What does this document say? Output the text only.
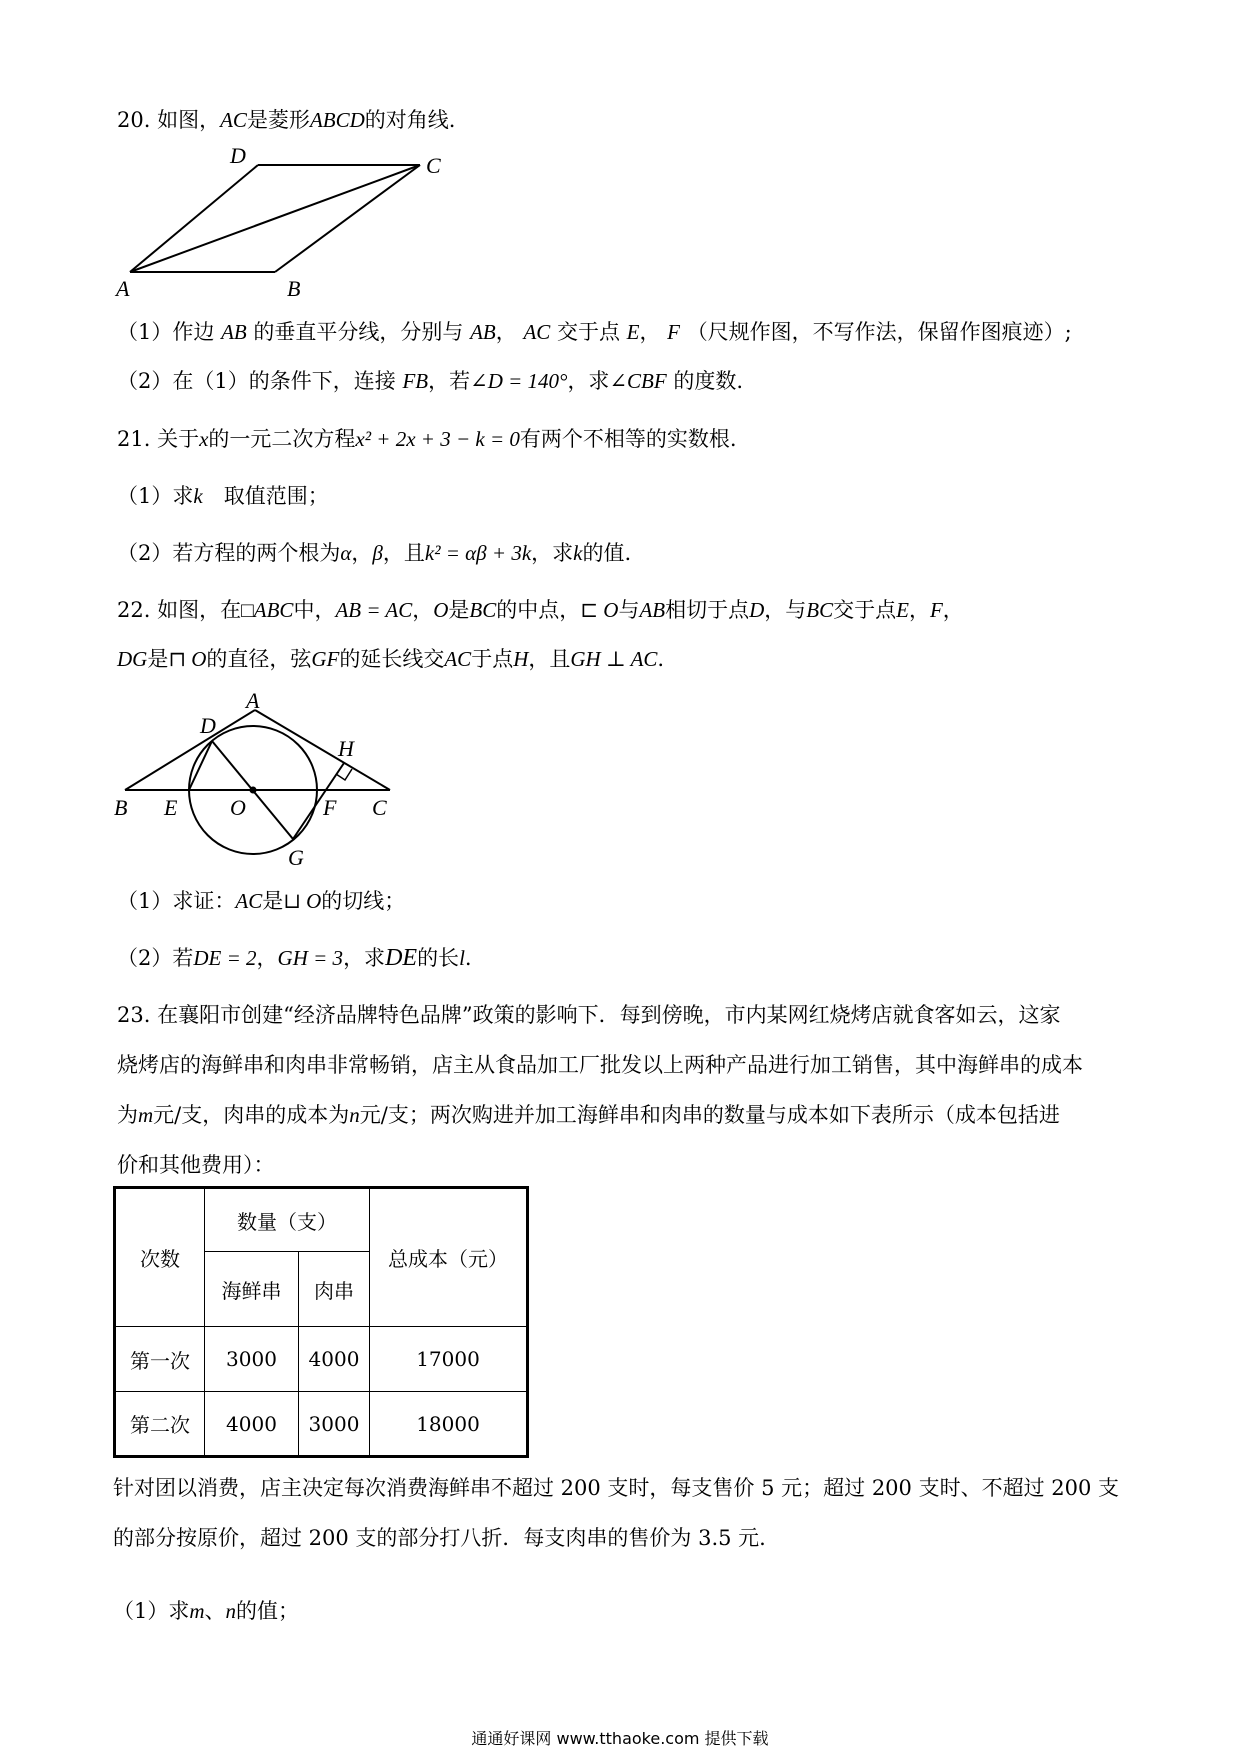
20. 如图，AC是菱形ABCD的对角线.
A	B
C
D
（1）作边 AB 的垂直平分线，分别与 AB， AC 交于点 E， F （尺规作图，不写作法，保留作图痕迹）;
（2）在（1）的条件下，连接 FB，若∠D = 140°，求∠CBF 的度数.
21. 关于x的一元二次方程x² + 2x + 3 − k = 0有两个不相等的实数根.
（1）求k　取值范围；
（2）若方程的两个根为α，β，且k² = αβ + 3k，求k的值.
22. 如图，在□ABC中，AB = AC，O是BC的中点，⊏ O与AB相切于点D，与BC交于点E，F，
DG是⊓ O的直径，弦GF的延长线交AC于点H，且GH ⊥ AC.
A
D
H
B E O	F C
G
（1）求证：AC是⊔ O的切线；
（2）若DE = 2，GH = 3，求DE的长l.
23. 在襄阳市创建“经济品牌特色品牌”政策的影响下．每到傍晚，市内某网红烧烤店就食客如云，这家
烧烤店的海鲜串和肉串非常畅销，店主从食品加工厂批发以上两种产品进行加工销售，其中海鲜串的成本
为m元/支，肉串的成本为n元/支；两次购进并加工海鲜串和肉串的数量与成本如下表所示（成本包括进
价和其他费用）：
次数	数量（支）		总成本（元）
	海鲜串	肉串	
第一次	3000	4000	17000
第二次	4000	3000	18000
针对团以消费，店主决定每次消费海鲜串不超过 200 支时，每支售价 5 元；超过 200 支时、不超过 200 支
的部分按原价，超过 200 支的部分打八折．每支肉串的售价为 3.5 元.
（1）求m、n的值；
通通好课网 www.tthaoke.com 提供下载
